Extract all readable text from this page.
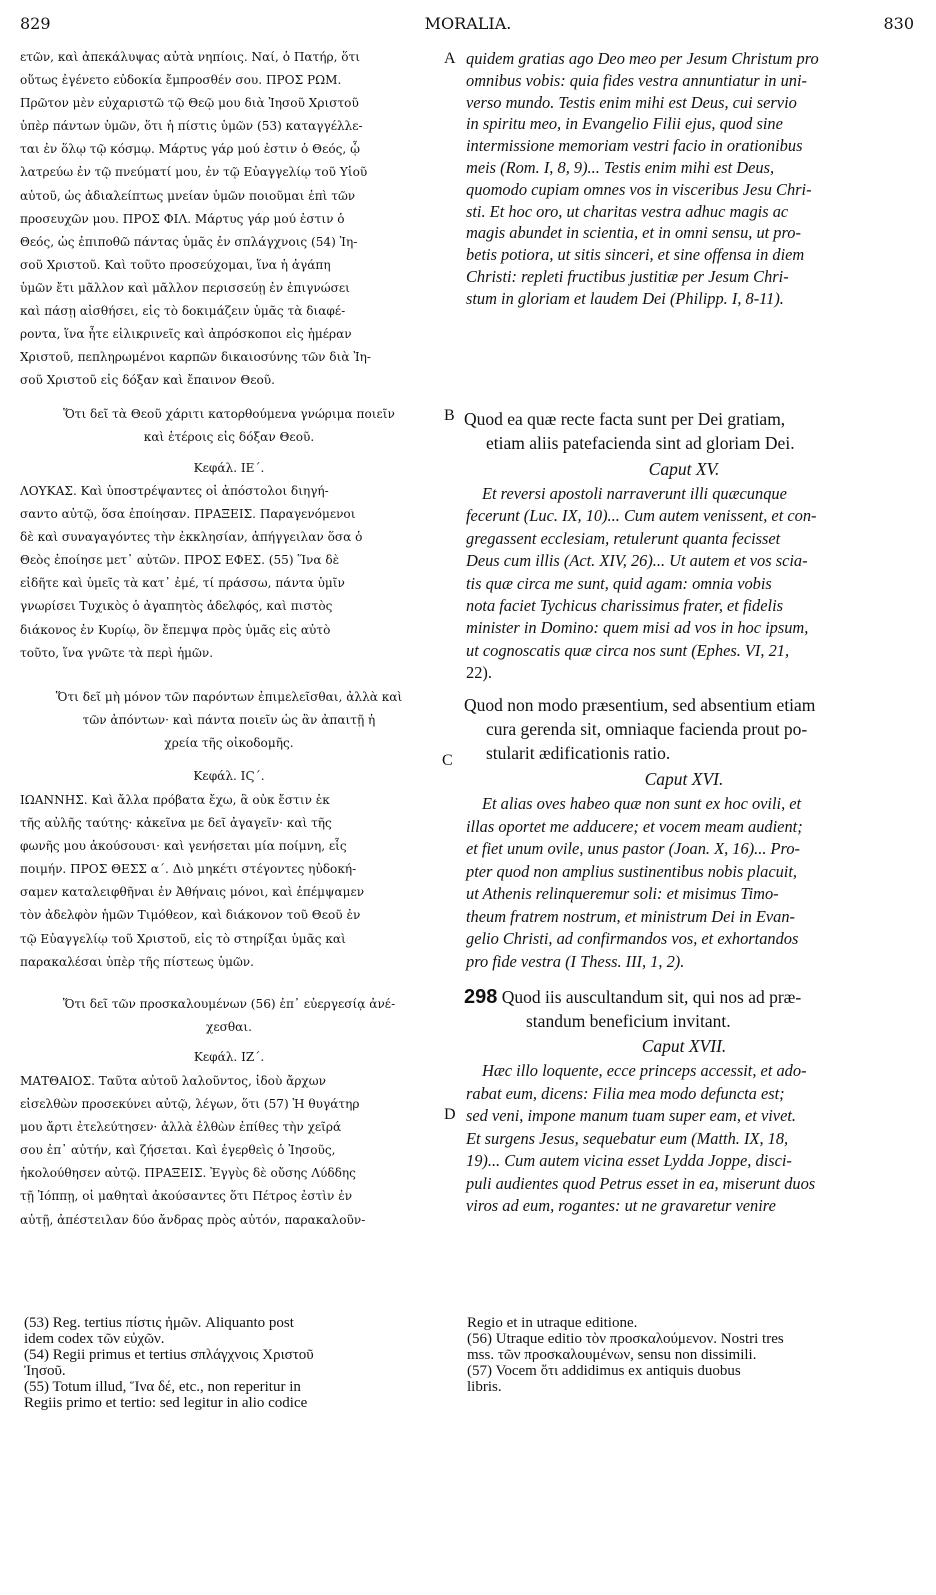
829	MORALIA.	830
A
B
C
D
ετῶν, καὶ ἀπεκάλυψας αὐτὰ νηπίοις. Ναί, ὁ Πατήρ, ὅτι
οὕτως ἐγένετο εὐδοκία ἔμπροσθέν σου. ΠΡΟΣ ΡΩΜ.
Πρῶτον μὲν εὐχαριστῶ τῷ Θεῷ μου διὰ Ἰησοῦ Χριστοῦ
ὑπὲρ πάντων ὑμῶν, ὅτι ἡ πίστις ὑμῶν (53) καταγγέλλε-
ται ἐν ὅλῳ τῷ κόσμῳ. Μάρτυς γάρ μού ἐστιν ὁ Θεός, ᾧ
λατρεύω ἐν τῷ πνεύματί μου, ἐν τῷ Εὐαγγελίῳ τοῦ Υἱοῦ
αὐτοῦ, ὡς ἀδιαλείπτως μνείαν ὑμῶν ποιοῦμαι ἐπὶ τῶν
προσευχῶν μου. ΠΡΟΣ ΦΙΛ. Μάρτυς γάρ μού ἐστιν ὁ
Θεός, ὡς ἐπιποθῶ πάντας ὑμᾶς ἐν σπλάγχνοις (54) Ἰη-
σοῦ Χριστοῦ. Καὶ τοῦτο προσεύχομαι, ἵνα ἡ ἀγάπη
ὑμῶν ἔτι μᾶλλον καὶ μᾶλλον περισσεύῃ ἐν ἐπιγνώσει
καὶ πάσῃ αἰσθήσει, εἰς τὸ δοκιμάζειν ὑμᾶς τὰ διαφέ-
ροντα, ἵνα ἦτε εἰλικρινεῖς καὶ ἀπρόσκοποι εἰς ἡμέραν
Χριστοῦ, πεπληρωμένοι καρπῶν δικαιοσύνης τῶν διὰ Ἰη-
σοῦ Χριστοῦ εἰς δόξαν καὶ ἔπαινον Θεοῦ.
Ὅτι δεῖ τὰ Θεοῦ χάριτι κατορθούμενα γνώριμα ποιεῖν
καὶ ἑτέροις εἰς δόξαν Θεοῦ.
Κεφάλ. ΙΕ΄.
ΛΟΥΚΑΣ. Καὶ ὑποστρέψαντες οἱ ἀπόστολοι διηγή-
σαντο αὐτῷ, ὅσα ἐποίησαν. ΠΡΑΞΕΙΣ. Παραγενόμενοι
δὲ καὶ συναγαγόντες τὴν ἐκκλησίαν, ἀπήγγειλαν ὅσα ὁ
Θεὸς ἐποίησε μετ᾽ αὐτῶν. ΠΡΟΣ ΕΦΕΣ. (55) Ἵνα δὲ
εἰδῆτε καὶ ὑμεῖς τὰ κατ᾽ ἐμέ, τί πράσσω, πάντα ὑμῖν
γνωρίσει Τυχικὸς ὁ ἀγαπητὸς ἀδελφός, καὶ πιστὸς
διάκονος ἐν Κυρίῳ, ὃν ἔπεμψα πρὸς ὑμᾶς εἰς αὐτὸ
τοῦτο, ἵνα γνῶτε τὰ περὶ ἡμῶν.
Ὅτι δεῖ μὴ μόνον τῶν παρόντων ἐπιμελεῖσθαι, ἀλλὰ καὶ
τῶν ἀπόντων· καὶ πάντα ποιεῖν ὡς ἂν ἀπαιτῇ ἡ
χρεία τῆς οἰκοδομῆς.
Κεφάλ. ΙϚ΄.
ΙΩΑΝΝΗΣ. Καὶ ἄλλα πρόβατα ἔχω, ἃ οὐκ ἔστιν ἐκ
τῆς αὐλῆς ταύτης· κἀκεῖνα με δεῖ ἀγαγεῖν· καὶ τῆς
φωνῆς μου ἀκούσουσι· καὶ γενήσεται μία ποίμνη, εἷς
ποιμήν. ΠΡΟΣ ΘΕΣΣ α΄. Διὸ μηκέτι στέγοντες ηὐδοκή-
σαμεν καταλειφθῆναι ἐν Ἀθήναις μόνοι, καὶ ἐπέμψαμεν
τὸν ἀδελφὸν ἡμῶν Τιμόθεον, καὶ διάκονον τοῦ Θεοῦ ἐν
τῷ Εὐαγγελίῳ τοῦ Χριστοῦ, εἰς τὸ στηρίξαι ὑμᾶς καὶ
παρακαλέσαι ὑπὲρ τῆς πίστεως ὑμῶν.
Ὅτι δεῖ τῶν προσκαλουμένων (56) ἐπ᾽ εὐεργεσίᾳ ἀνέ-
χεσθαι.
Κεφάλ. ΙΖ΄.
ΜΑΤΘΑΙΟΣ. Ταῦτα αὐτοῦ λαλοῦντος, ἰδοὺ ἄρχων
εἰσελθὼν προσεκύνει αὐτῷ, λέγων, ὅτι (57) Ἡ θυγάτηρ
μου ἄρτι ἐτελεύτησεν· ἀλλὰ ἐλθὼν ἐπίθες τὴν χεῖρά
σου ἐπ᾽ αὐτήν, καὶ ζήσεται. Καὶ ἐγερθεὶς ὁ Ἰησοῦς,
ἠκολούθησεν αὐτῷ. ΠΡΑΞΕΙΣ. Ἐγγὺς δὲ οὔσης Λύδδης
τῇ Ἰόππῃ, οἱ μαθηταὶ ἀκούσαντες ὅτι Πέτρος ἐστὶν ἐν
αὐτῇ, ἀπέστειλαν δύο ἄνδρας πρὸς αὐτόν, παρακαλοῦν-
quidem gratias ago Deo meo per Jesum Christum pro
omnibus vobis: quia fides vestra annuntiatur in uni-
verso mundo. Testis enim mihi est Deus, cui servio
in spiritu meo, in Evangelio Filii ejus, quod sine
intermissione memoriam vestri facio in orationibus
meis (Rom. I, 8, 9)... Testis enim mihi est Deus,
quomodo cupiam omnes vos in visceribus Jesu Chri-
sti. Et hoc oro, ut charitas vestra adhuc magis ac
magis abundet in scientia, et in omni sensu, ut pro-
betis potiora, ut sitis sinceri, et sine offensa in diem
Christi: repleti fructibus justitiæ per Jesum Chri-
stum in gloriam et laudem Dei (Philipp. I, 8-11).
Quod ea quæ recte facta sunt per Dei gratiam,
etiam aliis patefacienda sint ad gloriam Dei.
Caput XV.
Et reversi apostoli narraverunt illi quæcunque
fecerunt (Luc. IX, 10)... Cum autem venissent, et con-
gregassent ecclesiam, retulerunt quanta fecisset
Deus cum illis (Act. XIV, 26)... Ut autem et vos scia-
tis quæ circa me sunt, quid agam: omnia vobis
nota faciet Tychicus charissimus frater, et fidelis
minister in Domino: quem misi ad vos in hoc ipsum,
ut cognoscatis quæ circa nos sunt (Ephes. VI, 21,
22).
Quod non modo præsentium, sed absentium etiam
cura gerenda sit, omniaque facienda prout po-
stularit ædificationis ratio.
Caput XVI.
Et alias oves habeo quæ non sunt ex hoc ovili, et
illas oportet me adducere; et vocem meam audient;
et fiet unum ovile, unus pastor (Joan. X, 16)... Pro-
pter quod non amplius sustinentibus nobis placuit,
ut Athenis relinqueremur soli: et misimus Timo-
theum fratrem nostrum, et ministrum Dei in Evan-
gelio Christi, ad confirmandos vos, et exhortandos
pro fide vestra (I Thess. III, 1, 2).
298 Quod iis auscultandum sit, qui nos ad præ-
standum beneficium invitant.
Caput XVII.
Hæc illo loquente, ecce princeps accessit, et ado-
rabat eum, dicens: Filia mea modo defuncta est;
sed veni, impone manum tuam super eam, et vivet.
Et surgens Jesus, sequebatur eum (Matth. IX, 18,
19)... Cum autem vicina esset Lydda Joppe, disci-
puli audientes quod Petrus esset in ea, miserunt duos
viros ad eum, rogantes: ut ne gravaretur venire
(53) Reg. tertius πίστις ἡμῶν. Aliquanto post
idem codex τῶν εὐχῶν.
(54) Regii primus et tertius σπλάγχνοις Χριστοῦ
Ἰησοῦ.
(55) Totum illud, Ἵνα δέ, etc., non reperitur in
Regiis primo et tertio: sed legitur in alio codice
Regio et in utraque editione.
(56) Utraque editio τὸν προσκαλούμενον. Nostri tres
mss. τῶν προσκαλουμένων, sensu non dissimili.
(57) Vocem ὅτι addidimus ex antiquis duobus
libris.
